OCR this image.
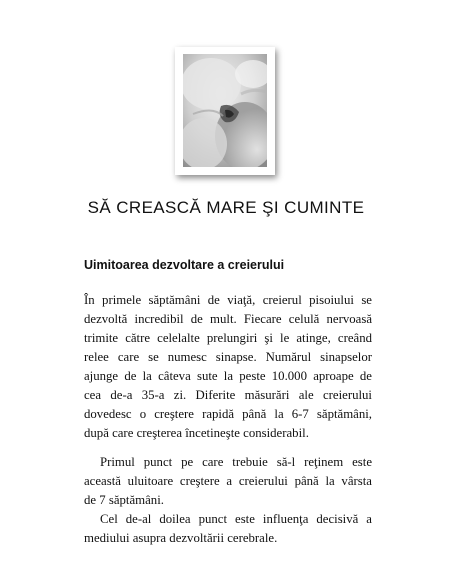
SĂ CREASCĂ MARE ŞI CUMINTE
Uimitoarea dezvoltare a creierului
În primele săptămâni de viaţă, creierul pisoiului se
dezvoltă incredibil de mult. Fiecare celulă nervoasă
trimite către celelalte prelungiri şi le atinge, creând
relee care se numesc sinapse. Numărul sinapselor
ajunge de la câteva sute la peste 10.000 aproape de
cea de-a 35-a zi. Diferite măsurări ale creierului
dovedesc o creştere rapidă până la 6-7 săptămâni,
după care creşterea încetineşte considerabil.
Primul punct pe care trebuie să-l reţinem este
această uluitoare creştere a creierului până la vârsta
de 7 săptămâni.
Cel de-al doilea punct este influenţa decisivă a
mediului asupra dezvoltării cerebrale.
